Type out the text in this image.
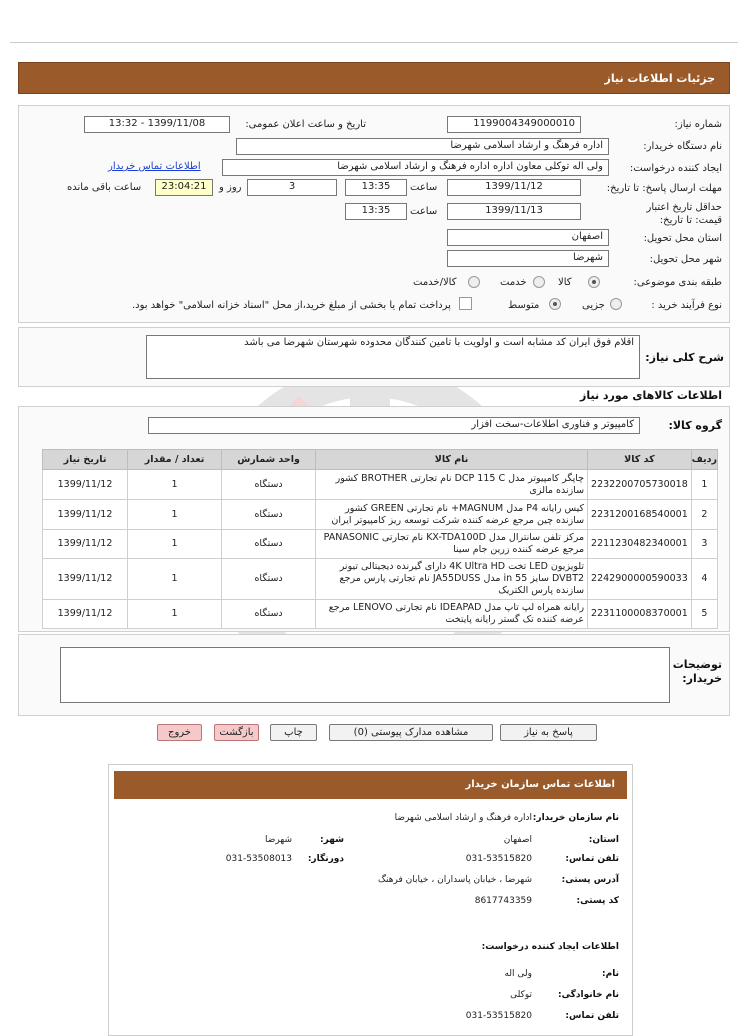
جزئیات اطلاعات نیاز
شماره نیاز:
1199004349000010
تاریخ و ساعت اعلان عمومی:
1399/11/08 - 13:32
نام دستگاه خریدار:
اداره فرهنگ و ارشاد اسلامی شهرضا
ایجاد کننده درخواست:
ولی اله توکلی معاون اداره اداره فرهنگ و ارشاد اسلامی شهرضا
اطلاعات تماس خریدار
مهلت ارسال پاسخ: تا تاریخ:
1399/11/12
ساعت
13:35
3
روز و
23:04:21
ساعت باقی مانده
حداقل تاریخ اعتبار قیمت: تا تاریخ:
1399/11/13
ساعت
13:35
استان محل تحویل:
اصفهان
شهر محل تحویل:
شهرضا
طبقه بندی موضوعی:
کالا
خدمت
کالا/خدمت
نوع فرآیند خرید :
جزیی
متوسط
پرداخت تمام یا بخشی از مبلغ خرید،از محل "اسناد خزانه اسلامی" خواهد بود.
شرح کلی نیاز:
اقلام فوق ایران کد مشابه است و اولویت با تامین کنندگان محدوده شهرستان شهرضا می باشد
اطلاعات کالاهای مورد نیاز
گروه کالا:
کامپیوتر و فناوری اطلاعات-سخت افزار
ردیف	کد کالا	نام کالا	واحد شمارش	تعداد / مقدار	تاریخ نیاز
1	2232200705730018	چاپگر کامپیوتر مدل DCP 115 C نام تجارتی BROTHER کشور سازنده مالزی	دستگاه	1	1399/11/12
2	2231200168540001	کیس رایانه P4 مدل MAGNUM+ نام تجارتی GREEN کشور سازنده چین مرجع عرضه کننده شرکت توسعه ریز کامپیوتر ایران	دستگاه	1	1399/11/12
3	2211230482340001	مرکز تلفن سانترال مدل KX-TDA100D نام تجارتی PANASONIC مرجع عرضه کننده زرین جام سینا	دستگاه	1	1399/11/12
4	2242900000590033	تلویزیون LED تخت 4K Ultra HD دارای گیرنده دیجیتالی تیونر DVBT2 سایز 55 in مدل JA55DUSS نام تجارتی پارس مرجع سازنده پارس الکتریک	دستگاه	1	1399/11/12
5	2231100008370001	رایانه همراه لپ تاپ مدل IDEAPAD نام تجارتی LENOVO مرجع عرضه کننده تک گستر رایانه پایتخت	دستگاه	1	1399/11/12
توضیحات خریدار:
پاسخ به نیاز
مشاهده مدارک پیوستی (0)
چاپ
بازگشت
خروج
اطلاعات تماس سازمان خریدار
نام سازمان خریدار:
اداره فرهنگ و ارشاد اسلامی شهرضا
استان:
اصفهان
شهر:
شهرضا
تلفن تماس:
031-53515820
دورنگار:
031-53508013
آدرس پستی:
شهرضا ، خیابان پاسداران ، خیابان فرهنگ
کد پستی:
8617743359
اطلاعات ایجاد کننده درخواست:
نام:
ولی اله
نام خانوادگی:
توکلی
تلفن تماس:
031-53515820
